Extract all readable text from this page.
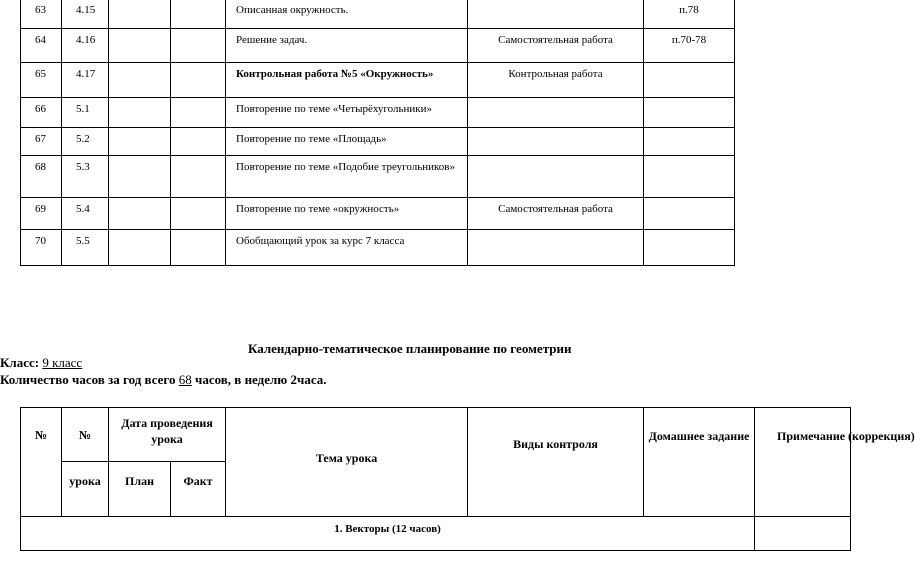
63	4.15			Описанная окружность.		п.78
64	4.16			Решение задач.	Самостоятельная работа	п.70-78
65	4.17			Контрольная работа №5 «Окружность»	Контрольная работа	
66	5.1			Повторение по теме «Четырёхугольники»		
67	5.2			Повторение по теме «Площадь»		
68	5.3			Повторение по теме «Подобие треугольников»		
69	5.4			Повторение по теме «окружность»	Самостоятельная работа	
70	5.5			Обобщающий урок за курс 7 класса		
Календарно-тематическое планирование по геометрии
Класс: 9 класс
Количество часов за год всего 68 часов, в неделю 2часа.
№	№	Дата проведения урока		Тема урока	Виды контроля	Домашнее задание	Примечание (коррекция)
	урока	План	Факт				
1. Векторы (12 часов)							
